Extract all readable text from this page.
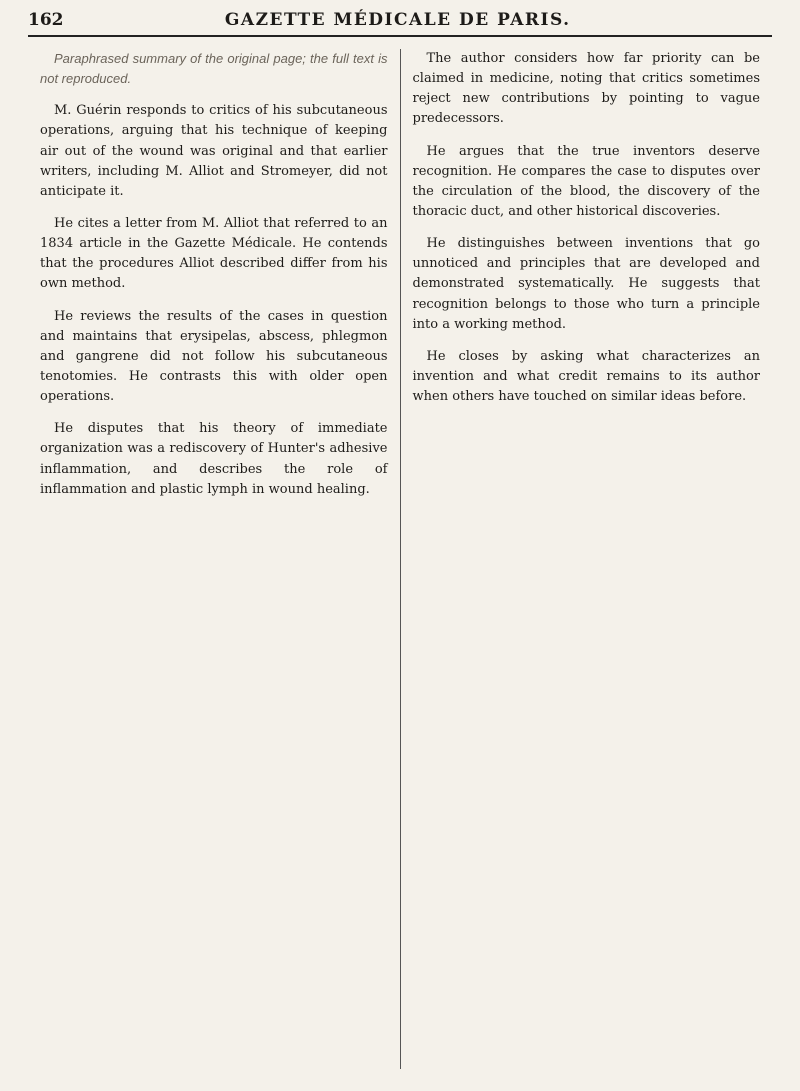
162	GAZETTE MÉDICALE DE PARIS.

Paraphrased summary of the original page; the full text is not reproduced.

M. Guérin responds to critics of his subcutaneous operations, arguing that his technique of keeping air out of the wound was original and that earlier writers, including M. Alliot and Stromeyer, did not anticipate it.

He cites a letter from M. Alliot that referred to an 1834 article in the Gazette Médicale. He contends that the procedures Alliot described differ from his own method.

He reviews the results of the cases in question and maintains that erysipelas, abscess, phlegmon and gangrene did not follow his subcutaneous tenotomies. He contrasts this with older open operations.

He disputes that his theory of immediate organization was a rediscovery of Hunter's adhesive inflammation, and describes the role of inflammation and plastic lymph in wound healing.

The author considers how far priority can be claimed in medicine, noting that critics sometimes reject new contributions by pointing to vague predecessors.

He argues that the true inventors deserve recognition. He compares the case to disputes over the circulation of the blood, the discovery of the thoracic duct, and other historical discoveries.

He distinguishes between inventions that go unnoticed and principles that are developed and demonstrated systematically. He suggests that recognition belongs to those who turn a principle into a working method.

He closes by asking what characterizes an invention and what credit remains to its author when others have touched on similar ideas before.
